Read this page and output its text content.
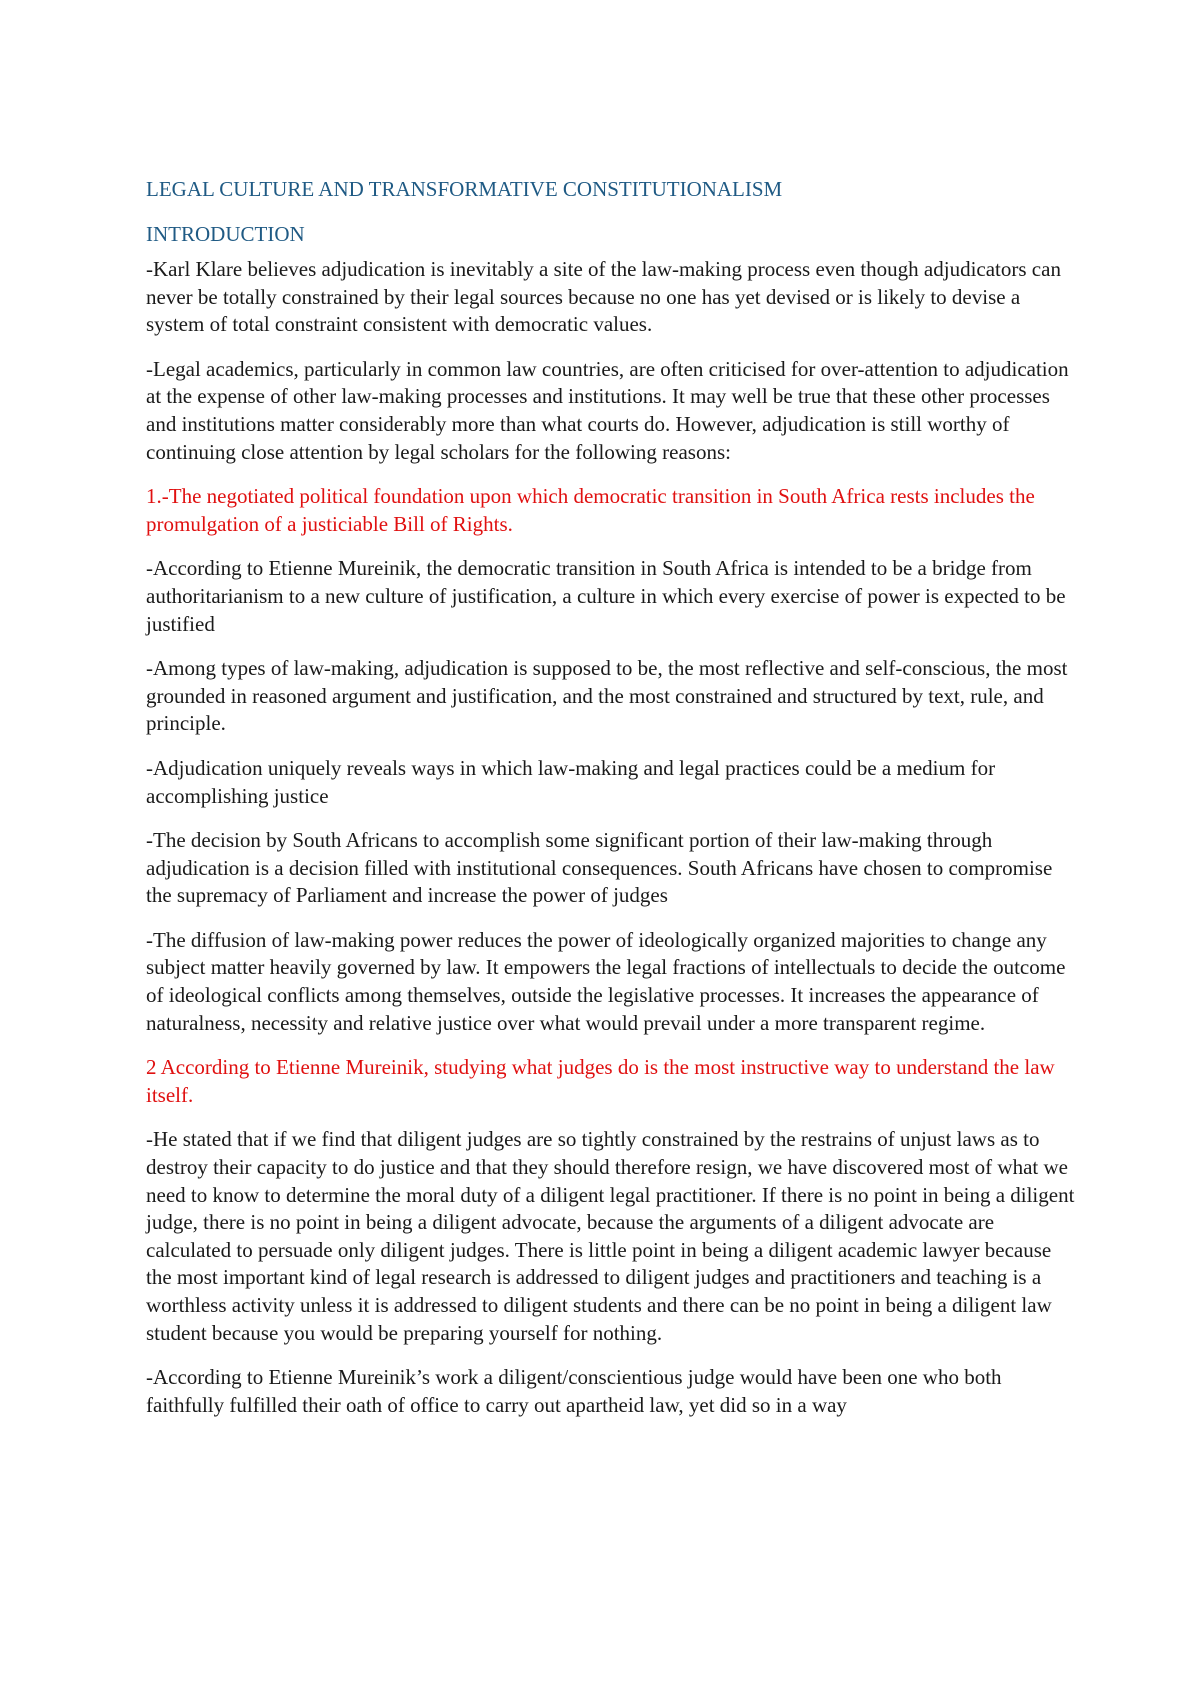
LEGAL CULTURE AND TRANSFORMATIVE CONSTITUTIONALISM

INTRODUCTION

-Karl Klare believes adjudication is inevitably a site of the law-making process even though adjudicators can never be totally constrained by their legal sources because no one has yet devised or is likely to devise a system of total constraint consistent with democratic values.

-Legal academics, particularly in common law countries, are often criticised for over-attention to adjudication at the expense of other law-making processes and institutions. It may well be true that these other processes and institutions matter considerably more than what courts do. However, adjudication is still worthy of continuing close attention by legal scholars for the following reasons:

1.-The negotiated political foundation upon which democratic transition in South Africa rests includes the promulgation of a justiciable Bill of Rights.

-According to Etienne Mureinik, the democratic transition in South Africa is intended to be a bridge from authoritarianism to a new culture of justification, a culture in which every exercise of power is expected to be justified

-Among types of law-making, adjudication is supposed to be, the most reflective and self-conscious, the most grounded in reasoned argument and justification, and the most constrained and structured by text, rule, and principle.

-Adjudication uniquely reveals ways in which law-making and legal practices could be a medium for accomplishing justice

-The decision by South Africans to accomplish some significant portion of their law-making through adjudication is a decision filled with institutional consequences. South Africans have chosen to compromise the supremacy of Parliament and increase the power of judges

-The diffusion of law-making power reduces the power of ideologically organized majorities to change any subject matter heavily governed by law. It empowers the legal fractions of intellectuals to decide the outcome of ideological conflicts among themselves, outside the legislative processes. It increases the appearance of naturalness, necessity and relative justice over what would prevail under a more transparent regime.

2 According to Etienne Mureinik, studying what judges do is the most instructive way to understand the law itself.

-He stated that if we find that diligent judges are so tightly constrained by the restrains of unjust laws as to destroy their capacity to do justice and that they should therefore resign, we have discovered most of what we need to know to determine the moral duty of a diligent legal practitioner. If there is no point in being a diligent judge, there is no point in being a diligent advocate, because the arguments of a diligent advocate are calculated to persuade only diligent judges. There is little point in being a diligent academic lawyer because the most important kind of legal research is addressed to diligent judges and practitioners and teaching is a worthless activity unless it is addressed to diligent students and there can be no point in being a diligent law student because you would be preparing yourself for nothing.

-According to Etienne Mureinik’s work a diligent/conscientious judge would have been one who both faithfully fulfilled their oath of office to carry out apartheid law, yet did so in a way
